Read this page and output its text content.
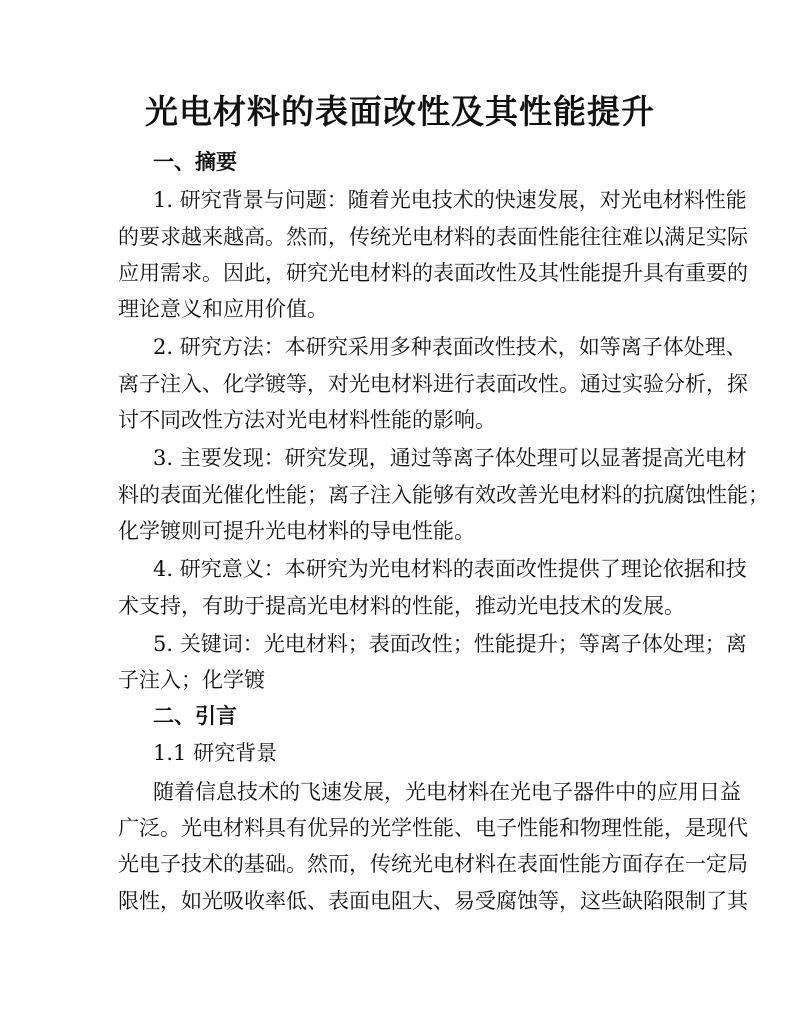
光电材料的表面改性及其性能提升
一、摘要
1. 研究背景与问题：随着光电技术的快速发展，对光电材料性能
的要求越来越高。然而，传统光电材料的表面性能往往难以满足实际
应用需求。因此，研究光电材料的表面改性及其性能提升具有重要的
理论意义和应用价值。
2. 研究方法：本研究采用多种表面改性技术，如等离子体处理、
离子注入、化学镀等，对光电材料进行表面改性。通过实验分析，探
讨不同改性方法对光电材料性能的影响。
3. 主要发现：研究发现，通过等离子体处理可以显著提高光电材
料的表面光催化性能；离子注入能够有效改善光电材料的抗腐蚀性能；
化学镀则可提升光电材料的导电性能。
4. 研究意义：本研究为光电材料的表面改性提供了理论依据和技
术支持，有助于提高光电材料的性能，推动光电技术的发展。
5. 关键词：光电材料；表面改性；性能提升；等离子体处理；离
子注入；化学镀
二、引言
1.1 研究背景
随着信息技术的飞速发展，光电材料在光电子器件中的应用日益
广泛。光电材料具有优异的光学性能、电子性能和物理性能，是现代
光电子技术的基础。然而，传统光电材料在表面性能方面存在一定局
限性，如光吸收率低、表面电阻大、易受腐蚀等，这些缺陷限制了其
